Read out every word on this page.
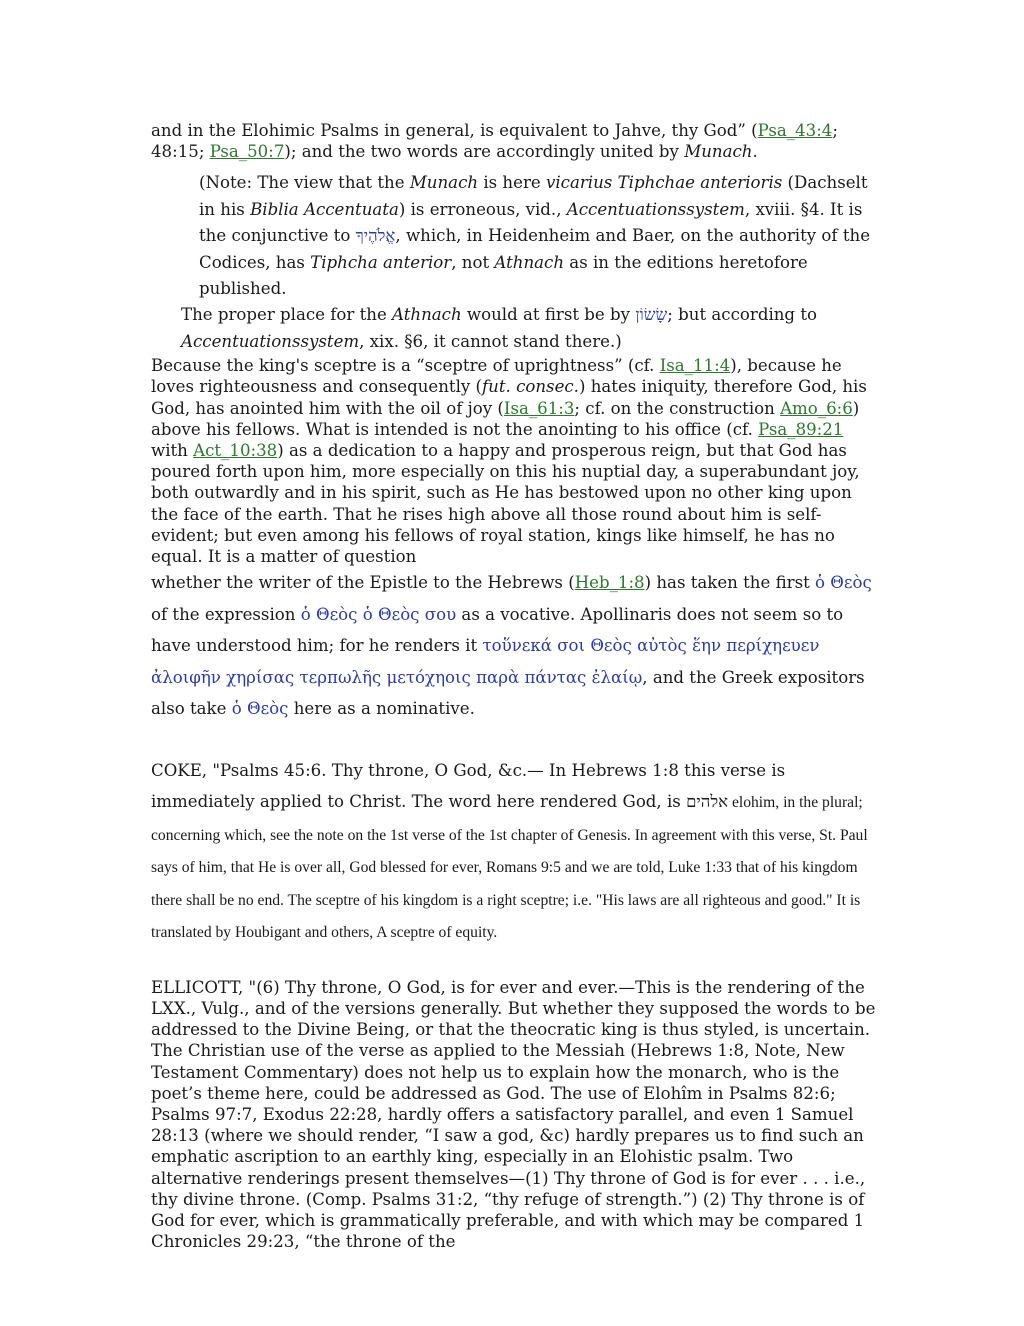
and in the Elohimic Psalms in general, is equivalent to Jahve, thy God” (Psa_43:4; 48:15; Psa_50:7); and the two words are accordingly united by Munach.

(Note: The view that the Munach is here vicarius Tiphchae anterioris (Dachselt in his Biblia Accentuata) is erroneous, vid., Accentuationssystem, xviii. §4. It is the conjunctive to אֱלֹהֶיךָ, which, in Heidenheim and Baer, on the authority of the Codices, has Tiphcha anterior, not Athnach as in the editions heretofore published.

The proper place for the Athnach would at first be by שָׂשׂוֹן; but according to Accentuationssystem, xix. §6, it cannot stand there.)

Because the king's sceptre is a “sceptre of uprightness” (cf. Isa_11:4), because he loves righteousness and consequently (fut. consec.) hates iniquity, therefore God, his God, has anointed him with the oil of joy (Isa_61:3; cf. on the construction Amo_6:6) above his fellows. What is intended is not the anointing to his office (cf. Psa_89:21 with Act_10:38) as a dedication to a happy and prosperous reign, but that God has poured forth upon him, more especially on this his nuptial day, a superabundant joy, both outwardly and in his spirit, such as He has bestowed upon no other king upon the face of the earth. That he rises high above all those round about him is self-evident; but even among his fellows of royal station, kings like himself, he has no equal. It is a matter of question

whether the writer of the Epistle to the Hebrews (Heb_1:8) has taken the first ὁ Θεὸς of the expression ὁ Θεὸς ὁ Θεὸς σου as a vocative. Apollinaris does not seem so to have understood him; for he renders it τοὕνεκά σοι Θεὸς αὐτὸς ἕην περίχηευεν ἀλοιφῆν χηρίσας τερπωλῆς μετόχηοις παρὰ πάντας ἐλαίῳ, and the Greek expositors also take ὁ Θεὸς here as a nominative.

COKE, "Psalms 45:6. Thy throne, O God, &c.— In Hebrews 1:8 this verse is immediately applied to Christ. The word here rendered God, is אלהים elohim, in the plural; concerning which, see the note on the 1st verse of the 1st chapter of Genesis. In agreement with this verse, St. Paul says of him, that He is over all, God blessed for ever, Romans 9:5 and we are told, Luke 1:33 that of his kingdom there shall be no end. The sceptre of his kingdom is a right sceptre; i.e. "His laws are all righteous and good." It is translated by Houbigant and others, A sceptre of equity.

ELLICOTT, "(6) Thy throne, O God, is for ever and ever.—This is the rendering of the LXX., Vulg., and of the versions generally. But whether they supposed the words to be addressed to the Divine Being, or that the theocratic king is thus styled, is uncertain. The Christian use of the verse as applied to the Messiah (Hebrews 1:8, Note, New Testament Commentary) does not help us to explain how the monarch, who is the poet’s theme here, could be addressed as God. The use of Elohîm in Psalms 82:6; Psalms 97:7, Exodus 22:28, hardly offers a satisfactory parallel, and even 1 Samuel 28:13 (where we should render, “I saw a god, &c) hardly prepares us to find such an emphatic ascription to an earthly king, especially in an Elohistic psalm. Two alternative renderings present themselves—(1) Thy throne of God is for ever . . . i.e., thy divine throne. (Comp. Psalms 31:2, “thy refuge of strength.”) (2) Thy throne is of God for ever, which is grammatically preferable, and with which may be compared 1 Chronicles 29:23, “the throne of the
